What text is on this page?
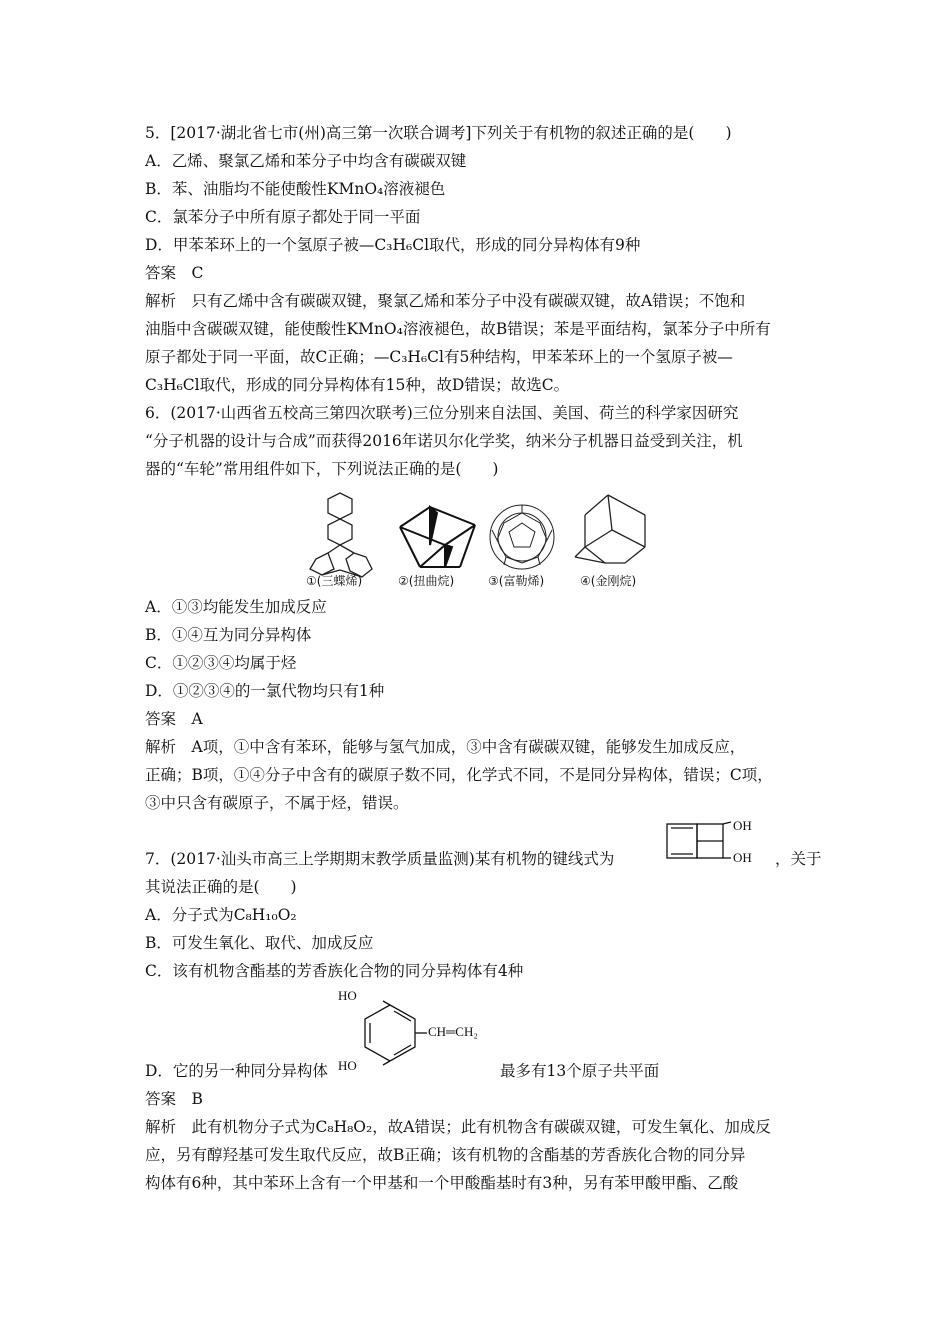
5．[2017·湖北省七市(州)高三第一次联合调考]下列关于有机物的叙述正确的是(　　)
A．乙烯、聚氯乙烯和苯分子中均含有碳碳双键
B．苯、油脂均不能使酸性KMnO₄溶液褪色
C．氯苯分子中所有原子都处于同一平面
D．甲苯苯环上的一个氢原子被—C₃H₆Cl取代，形成的同分异构体有9种
答案　C
解析　只有乙烯中含有碳碳双键，聚氯乙烯和苯分子中没有碳碳双键，故A错误；不饱和
油脂中含碳碳双键，能使酸性KMnO₄溶液褪色，故B错误；苯是平面结构，氯苯分子中所有
原子都处于同一平面，故C正确；—C₃H₆Cl有5种结构，甲苯苯环上的一个氢原子被—
C₃H₆Cl取代，形成的同分异构体有15种，故D错误；故选C。
6．(2017·山西省五校高三第四次联考)三位分别来自法国、美国、荷兰的科学家因研究
“分子机器的设计与合成”而获得2016年诺贝尔化学奖，纳米分子机器日益受到关注，机
器的“车轮”常用组件如下，下列说法正确的是(　　)
①(三蝶烯)	②(扭曲烷)	③(富勒烯)	④(金刚烷)
A．①③均能发生加成反应
B．①④互为同分异构体
C．①②③④均属于烃
D．①②③④的一氯代物均只有1种
答案　A
解析　A项，①中含有苯环，能够与氢气加成，③中含有碳碳双键，能够发生加成反应，
正确；B项，①④分子中含有的碳原子数不同，化学式不同，不是同分异构体，错误；C项，
③中只含有碳原子，不属于烃，错误。
7．(2017·汕头市高三上学期期末教学质量监测)某有机物的键线式为
OH
OH ，关于
其说法正确的是(　　)
A．分子式为C₈H₁₀O₂
B．可发生氧化、取代、加成反应
C．该有机物含酯基的芳香族化合物的同分异构体有4种
HO
HO
CH═CH₂
D．它的另一种同分异构体	最多有13个原子共平面
答案　B
解析　此有机物分子式为C₈H₈O₂，故A错误；此有机物含有碳碳双键，可发生氧化、加成反
应，另有醇羟基可发生取代反应，故B正确；该有机物的含酯基的芳香族化合物的同分异
构体有6种，其中苯环上含有一个甲基和一个甲酸酯基时有3种，另有苯甲酸甲酯、乙酸
